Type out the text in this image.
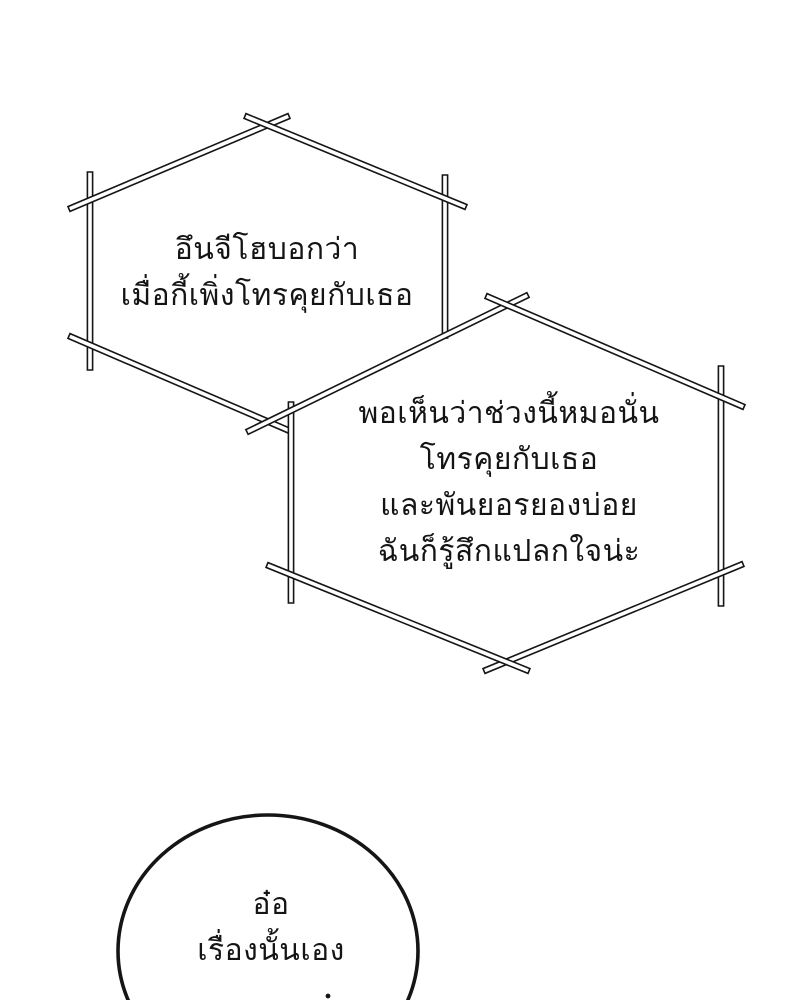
อึนจีโฮบอกว่า
เมื่อกี้เพิ่งโทรคุยกับเธอ
พอเห็นว่าช่วงนี้หมอนั่น
โทรคุยกับเธอ
และพันยอรยองบ่อย
ฉันก็รู้สึกแปลกใจน่ะ
อ๋อ
เรื่องนั้นเอง
